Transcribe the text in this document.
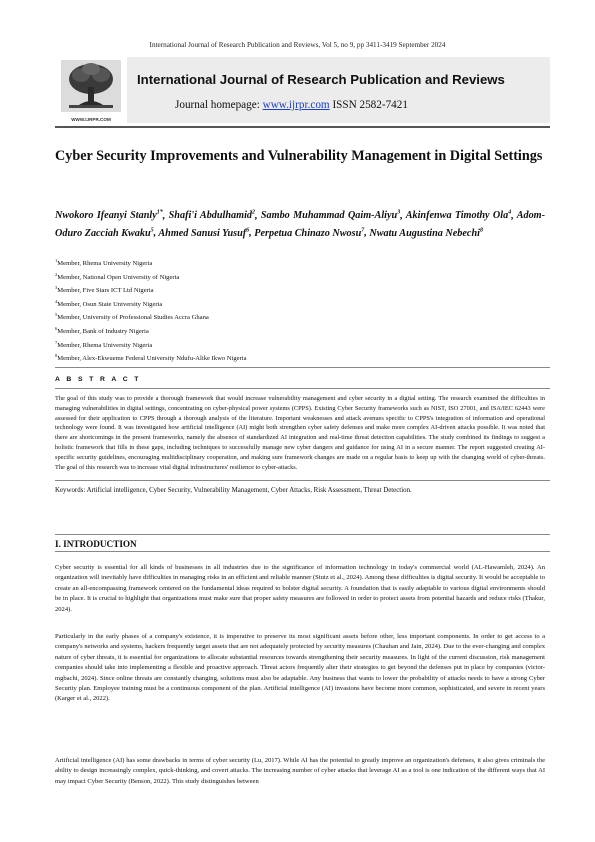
International Journal of Research Publication and Reviews, Vol 5, no 9, pp 3411-3419 September 2024
WWW.IJRPR.COM
International Journal of Research Publication and Reviews
Journal homepage: www.ijrpr.com ISSN 2582-7421
Cyber Security Improvements and Vulnerability Management in Digital Settings

Nwokoro Ifeanyi Stanly$^{1*}$, Shafi'i Abdulhamid$^2$, Sambo Muhammad Qaim-Aliyu$^3$, Akinfenwa Timothy Ola$^4$, Adom-Oduro Zacciah Kwaku$^5$, Ahmed Sanusi Yusuf$^6$, Perpetua Chinazo Nwosu$^7$, Nwatu Augustina Nebechi$^8$

$^1$Member, Rhema University Nigeria
$^2$Member, National Open University of Nigeria
$^3$Member, Five Stars ICT Ltd Nigeria
$^4$Member, Osun State University Nigeria
$^5$Member, University of Professional Studies Accra Ghana
$^6$Member, Bank of Industry Nigeria
$^7$Member, Rhema University Nigeria
$^8$Member, Alex-Ekwueme Federal University Ndufu-Alike Ikwo Nigeria
A B S T R A C T

The goal of this study was to provide a thorough framework that would increase vulnerability management and cyber security in a digital setting. The research examined the difficulties in managing vulnerabilities in digital settings, concentrating on cyber-physical power systems (CPPS). Existing Cyber Security frameworks such as NIST, ISO 27001, and ISA/IEC 62443 were assessed for their application to CPPS through a thorough analysis of the literature. Important weaknesses and attack avenues specific to CPPS's integration of information and operational technology were found. It was investigated how artificial intelligence (AI) might both strengthen cyber safety defenses and make more complex AI-driven attacks possible. It was noted that there are shortcomings in the present frameworks, namely the absence of standardized AI integration and real-time threat detection capabilities. The study combined its findings to suggest a holistic framework that fills in these gaps, including techniques to successfully manage new cyber dangers and guidance for using AI in a secure manner. The report suggested creating AI-specific security guidelines, encouraging multidisciplinary cooperation, and making sure framework changes are made on a regular basis to keep up with the changing world of cyber-threats. The goal of this research was to increase vital digital infrastructures' resilience to cyber-attacks.

Keywords: Artificial intelligence, Cyber Security, Vulnerability Management, Cyber Attacks, Risk Assessment, Threat Detection.

I. INTRODUCTION

Cyber security is essential for all kinds of businesses in all industries due to the significance of information technology in today's commercial world (AL-Hawamleh, 2024). An organization will inevitably have difficulties in managing risks in an efficient and reliable manner (Stutz et al., 2024). Among these difficulties is digital security. It would be acceptable to create an all-encompassing framework centered on the fundamental ideas required to bolster digital security. A foundation that is easily adaptable to various digital environments should be in place. It is crucial to highlight that organizations must make sure that proper safety measures are followed in order to protect assets from potential hazards and reduce risks (Thakur, 2024).

Particularly in the early phases of a company's existence, it is imperative to preserve its most significant assets before other, less important components. In order to get access to a company's networks and systems, hackers frequently target assets that are not adequately protected by security measures (Chauhan and Jain, 2024). Due to the ever-changing and complex nature of cyber threats, it is essential for organizations to allocate substantial resources towards strengthening their security measures. In light of the current discussion, risk management companies should take into implementing a flexible and proactive approach. Threat actors frequently alter their strategies to get beyond the defenses put in place by companies (victor-mgbachi, 2024). Since online threats are constantly changing, solutions must also be adaptable. Any business that wants to lower the probability of attacks needs to have a strong Cyber Security plan. Employee training must be a continuous component of the plan. Artificial intelligence (AI) invasions have become more common, sophisticated, and severe in recent years (Karger et al., 2022).

Artificial intelligence (AI) has some drawbacks in terms of cyber security (Lu, 2017). While AI has the potential to greatly improve an organization's defenses, it also gives criminals the ability to design increasingly complex, quick-thinking, and covert attacks. The increasing number of cyber attacks that leverage AI as a tool is one indication of the different ways that AI may impact Cyber Security (Benson, 2022). This study distinguishes between
